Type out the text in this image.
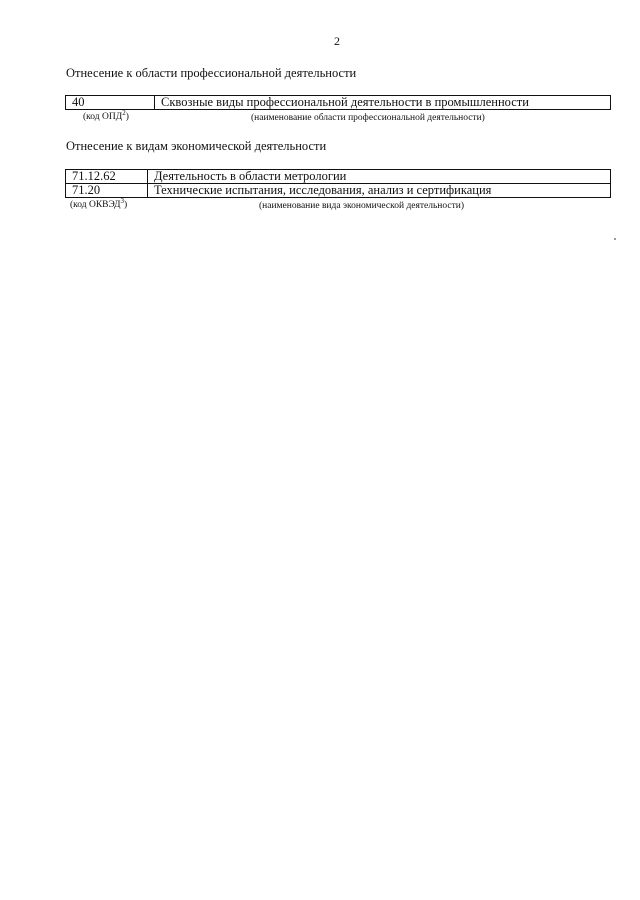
2
Отнесение к области профессиональной деятельности
40	Сквозные виды профессиональной деятельности в промышленности
(код ОПД$^2$)	(наименование области профессиональной деятельности)
Отнесение к видам экономической деятельности
71.12.62	Деятельность в области метрологии
71.20	Технические испытания, исследования, анализ и сертификация
(код ОКВЭД$^3$)	(наименование вида экономической деятельности)
